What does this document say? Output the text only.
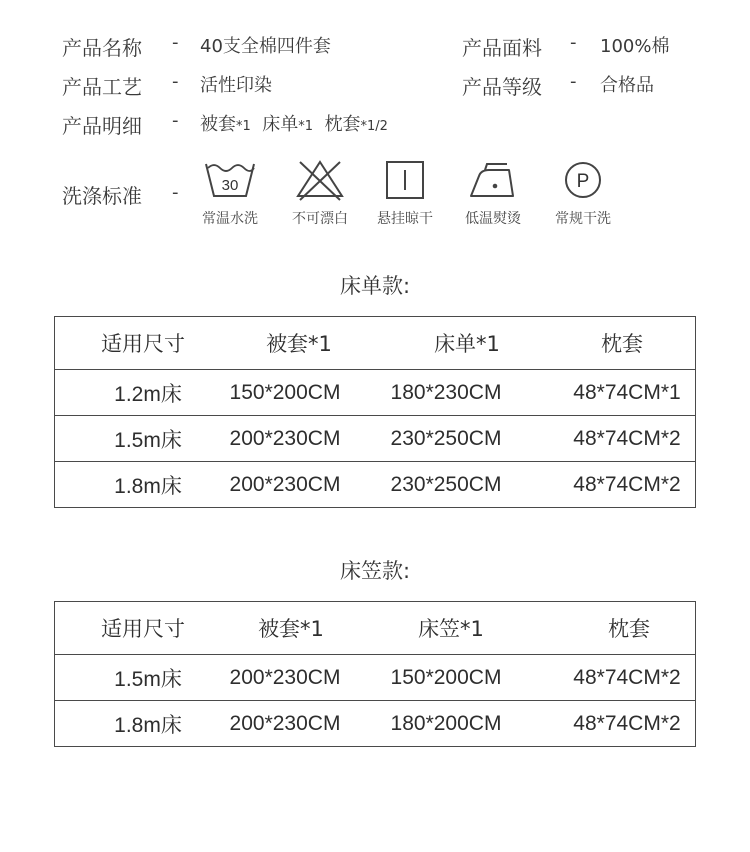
产品名称 - 40支全棉四件套	产品面料 - 100%棉
产品工艺 - 活性印染	产品等级 - 合格品
产品明细 - 被套*1 床单*1 枕套*1/2
洗涤标准 -	30
常温水洗	不可漂白	悬挂晾干	低温熨烫
P
常规干洗
床单款:
适用尺寸	被套*1	床单*1	枕套
1.2m床 150*200CM 180*230CM	48*74CM*1
1.5m床 200*230CM 230*250CM	48*74CM*2
1.8m床 200*230CM 230*250CM	48*74CM*2
床笠款:
适用尺寸	被套*1	床笠*1	枕套
1.5m床 200*230CM 150*200CM	48*74CM*2
1.8m床 200*230CM 180*200CM	48*74CM*2
